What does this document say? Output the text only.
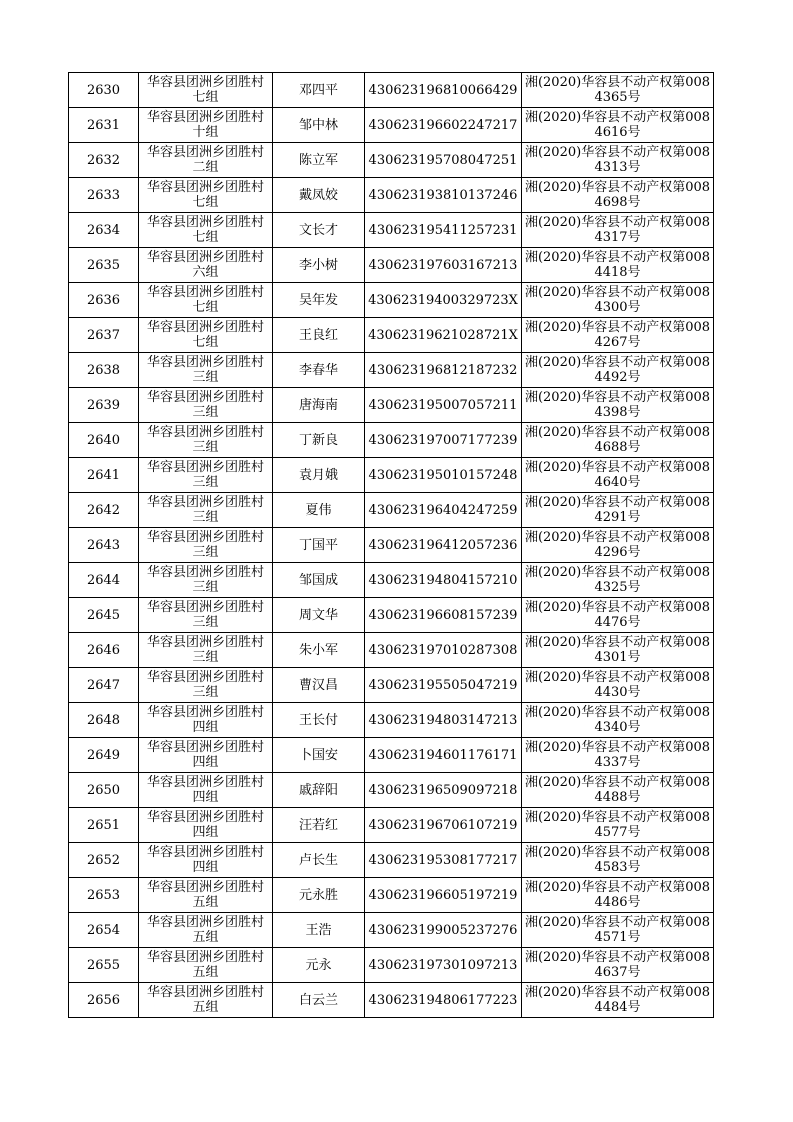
2630	华容县团洲乡团胜村七组	邓四平	430623196810066429	湘(2020)华容县不动产权第0084365号
2631	华容县团洲乡团胜村十组	邹中林	430623196602247217	湘(2020)华容县不动产权第0084616号
2632	华容县团洲乡团胜村二组	陈立军	430623195708047251	湘(2020)华容县不动产权第0084313号
2633	华容县团洲乡团胜村七组	戴凤姣	430623193810137246	湘(2020)华容县不动产权第0084698号
2634	华容县团洲乡团胜村七组	文长才	430623195411257231	湘(2020)华容县不动产权第0084317号
2635	华容县团洲乡团胜村六组	李小树	430623197603167213	湘(2020)华容县不动产权第0084418号
2636	华容县团洲乡团胜村七组	吴年发	43062319400329723X	湘(2020)华容县不动产权第0084300号
2637	华容县团洲乡团胜村七组	王良红	43062319621028721X	湘(2020)华容县不动产权第0084267号
2638	华容县团洲乡团胜村三组	李春华	430623196812187232	湘(2020)华容县不动产权第0084492号
2639	华容县团洲乡团胜村三组	唐海南	430623195007057211	湘(2020)华容县不动产权第0084398号
2640	华容县团洲乡团胜村三组	丁新良	430623197007177239	湘(2020)华容县不动产权第0084688号
2641	华容县团洲乡团胜村三组	袁月娥	430623195010157248	湘(2020)华容县不动产权第0084640号
2642	华容县团洲乡团胜村三组	夏伟	430623196404247259	湘(2020)华容县不动产权第0084291号
2643	华容县团洲乡团胜村三组	丁国平	430623196412057236	湘(2020)华容县不动产权第0084296号
2644	华容县团洲乡团胜村三组	邹国成	430623194804157210	湘(2020)华容县不动产权第0084325号
2645	华容县团洲乡团胜村三组	周文华	430623196608157239	湘(2020)华容县不动产权第0084476号
2646	华容县团洲乡团胜村三组	朱小军	430623197010287308	湘(2020)华容县不动产权第0084301号
2647	华容县团洲乡团胜村三组	曹汉昌	430623195505047219	湘(2020)华容县不动产权第0084430号
2648	华容县团洲乡团胜村四组	王长付	430623194803147213	湘(2020)华容县不动产权第0084340号
2649	华容县团洲乡团胜村四组	卜国安	430623194601176171	湘(2020)华容县不动产权第0084337号
2650	华容县团洲乡团胜村四组	戚辞阳	430623196509097218	湘(2020)华容县不动产权第0084488号
2651	华容县团洲乡团胜村四组	汪若红	430623196706107219	湘(2020)华容县不动产权第0084577号
2652	华容县团洲乡团胜村四组	卢长生	430623195308177217	湘(2020)华容县不动产权第0084583号
2653	华容县团洲乡团胜村五组	元永胜	430623196605197219	湘(2020)华容县不动产权第0084486号
2654	华容县团洲乡团胜村五组	王浩	430623199005237276	湘(2020)华容县不动产权第0084571号
2655	华容县团洲乡团胜村五组	元永	430623197301097213	湘(2020)华容县不动产权第0084637号
2656	华容县团洲乡团胜村五组	白云兰	430623194806177223	湘(2020)华容县不动产权第0084484号
